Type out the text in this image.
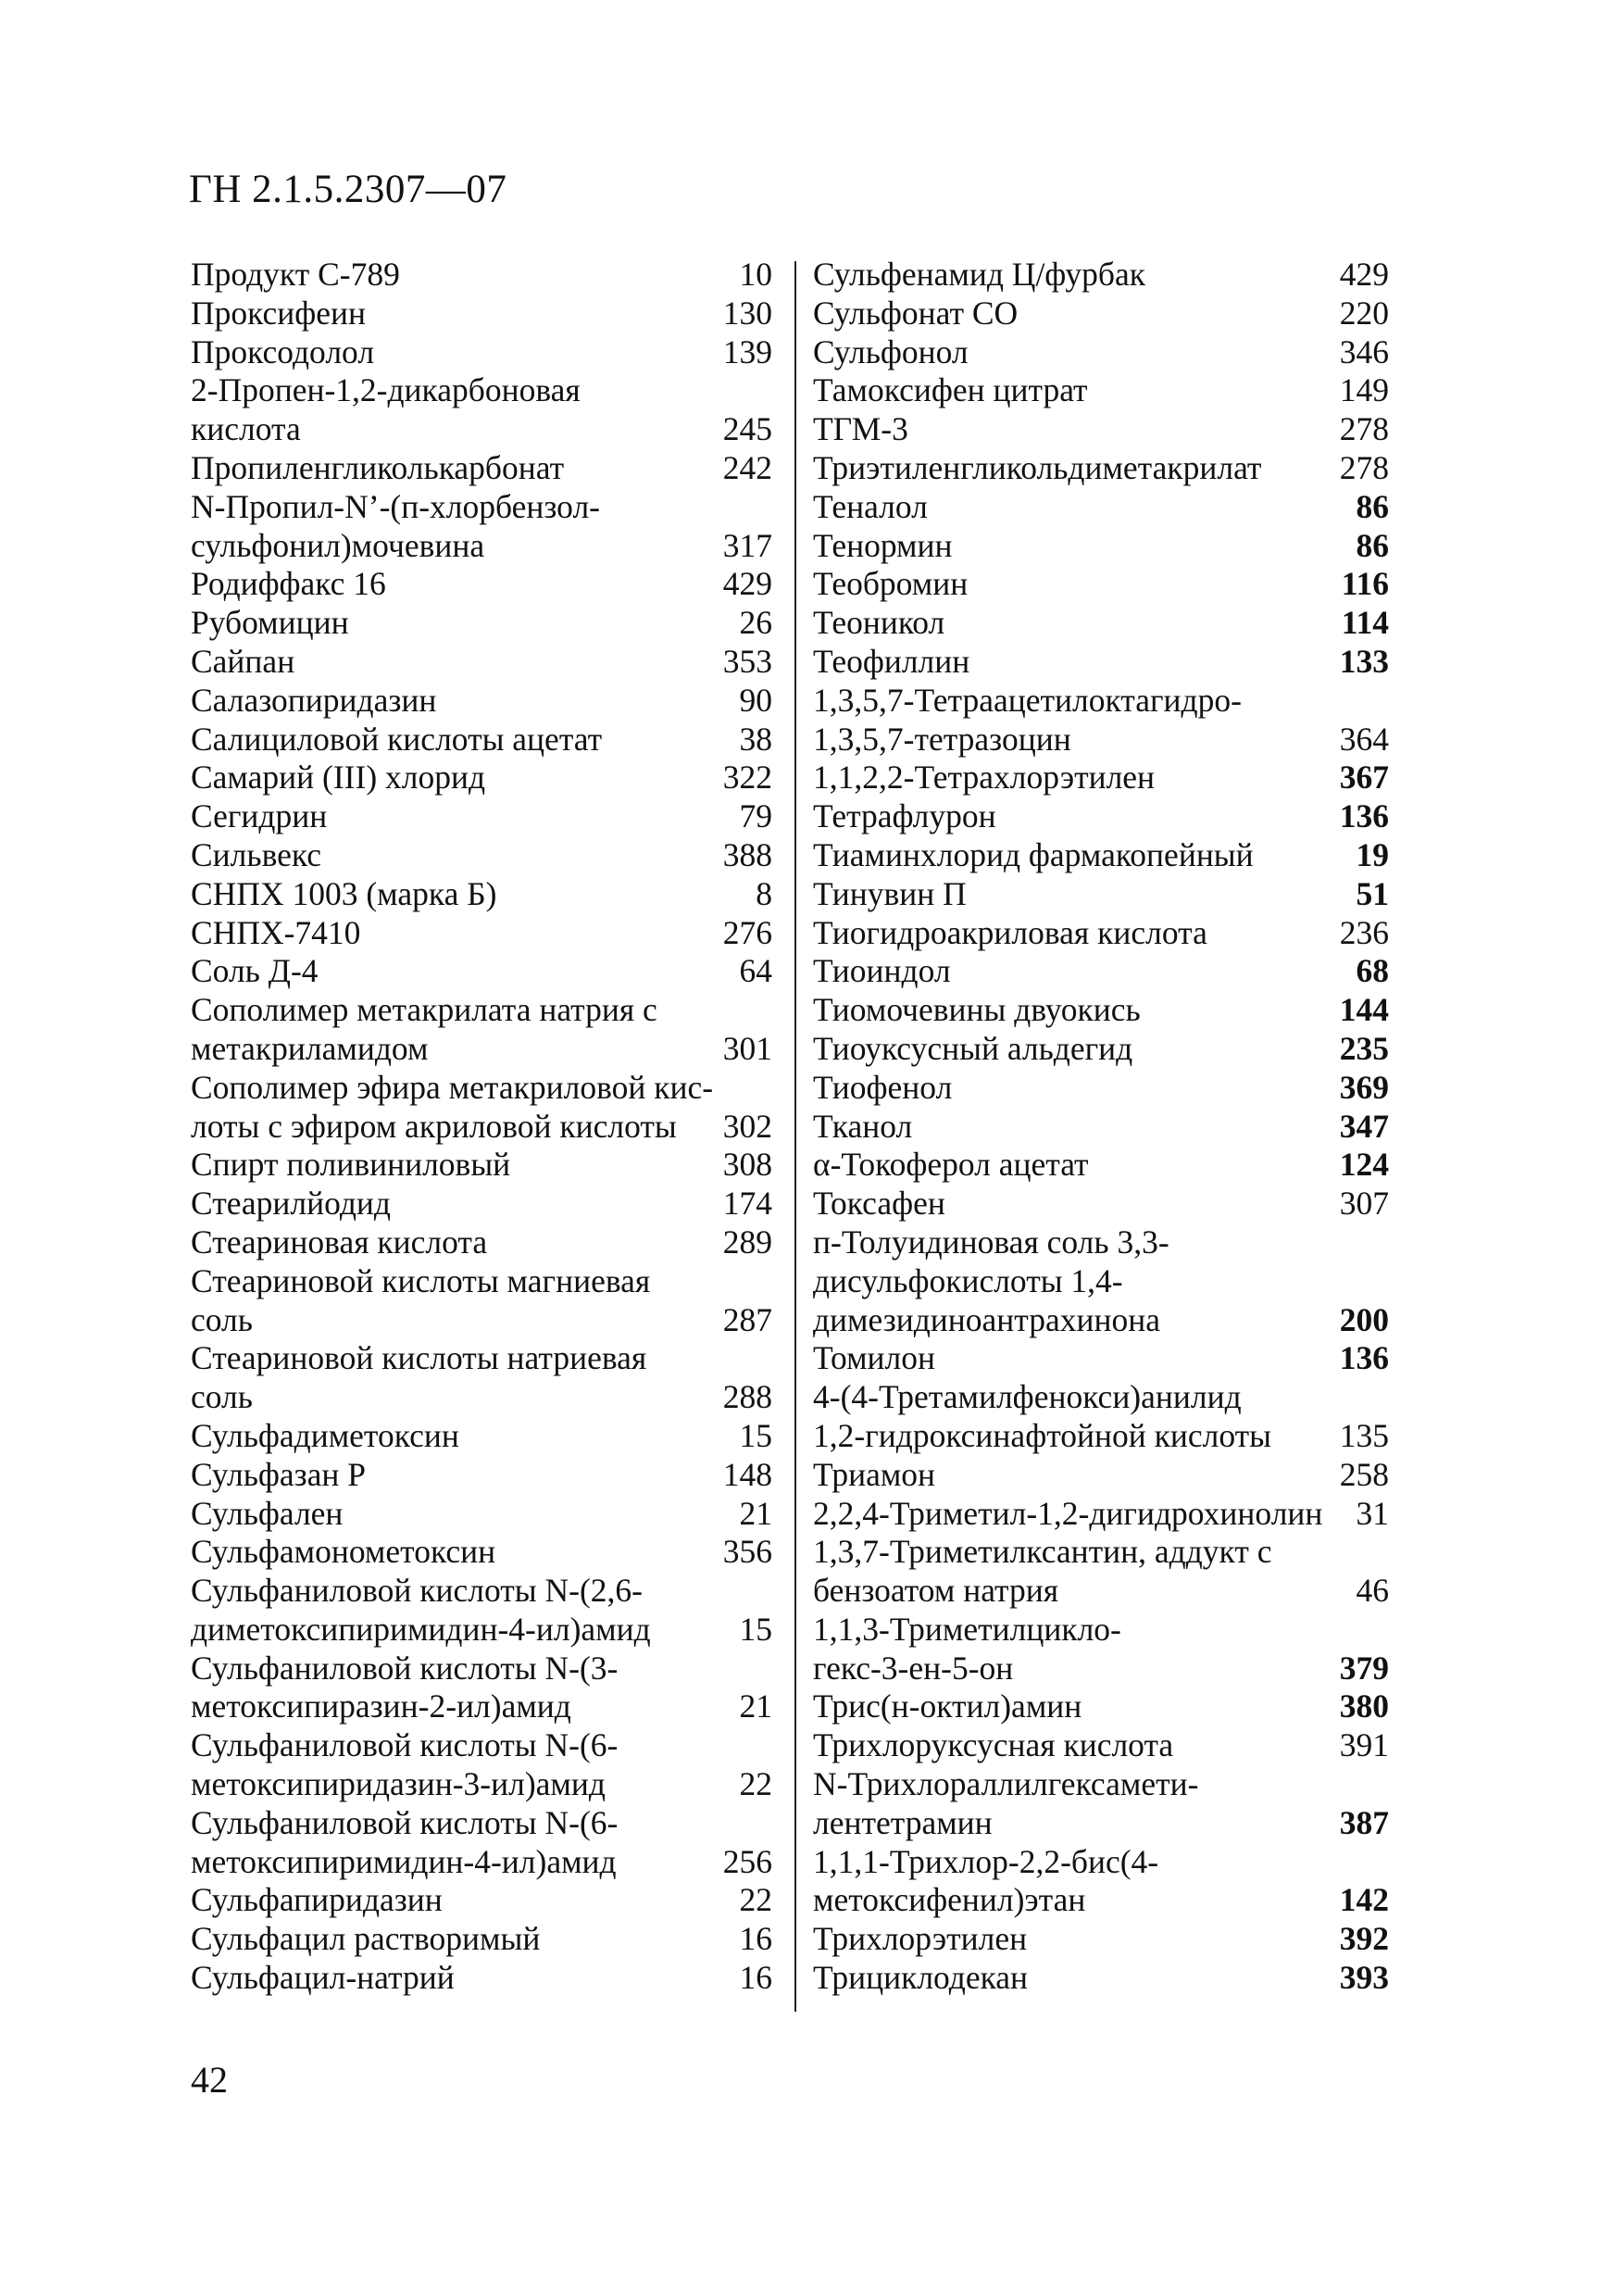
ГН 2.1.5.2307—07
Продукт С-789	10
Проксифеин	130
Проксодолол	139
2-Пропен-1,2-дикарбоновая
кислота	245
Пропиленгликолькарбонат	242
N-Пропил-N’-(п-хлорбензол-
сульфонил)мочевина	317
Родиффакс 16	429
Рубомицин	26
Сайпан	353
Салазопиридазин	90
Салициловой кислоты ацетат	38
Самарий (III) хлорид	322
Сегидрин	79
Сильвекс	388
СНПХ 1003 (марка Б)	8
СНПХ-7410	276
Соль Д-4	64
Сополимер метакрилата натрия с
метакриламидом	301
Сополимер эфира метакриловой кис-
лоты с эфиром акриловой кислоты	302
Спирт поливиниловый	308
Стеарилйодид	174
Стеариновая кислота	289
Стеариновой кислоты магниевая
соль	287
Стеариновой кислоты натриевая
соль	288
Сульфадиметоксин	15
Сульфазан Р	148
Сульфален	21
Сульфамонометоксин	356
Сульфаниловой кислоты N-(2,6-
диметоксипиримидин-4-ил)амид	15
Сульфаниловой кислоты N-(3-
метоксипиразин-2-ил)амид	21
Сульфаниловой кислоты N-(6-
метоксипиридазин-3-ил)амид	22
Сульфаниловой кислоты N-(6-
метоксипиримидин-4-ил)амид	256
Сульфапиридазин	22
Сульфацил растворимый	16
Сульфацил-натрий	16
Сульфенамид Ц/фурбак	429
Сульфонат СО	220
Сульфонол	346
Тамоксифен цитрат	149
ТГМ-3	278
Триэтиленгликольдиметакрилат	278
Теналол	86
Тенормин	86
Теобромин	116
Теоникол	114
Теофиллин	133
1,3,5,7-Тетраацетилоктагидро-
1,3,5,7-тетразоцин	364
1,1,2,2-Тетрахлорэтилен	367
Тетрафлурон	136
Тиаминхлорид фармакопейный	19
Тинувин П	51
Тиогидроакриловая кислота	236
Тиоиндол	68
Тиомочевины двуокись	144
Тиоуксусный альдегид	235
Тиофенол	369
Тканол	347
α-Токоферол ацетат	124
Токсафен	307
п-Толуидиновая соль 3,3-
дисульфокислоты 1,4-
димезидиноантрахинона	200
Томилон	136
4-(4-Третамилфенокси)анилид
1,2-гидроксинафтойной кислоты	135
Триамон	258
2,2,4-Триметил-1,2-дигидрохинолин 31
1,3,7-Триметилксантин, аддукт с
бензоатом натрия	46
1,1,3-Триметилцикло-
гекс-3-ен-5-он	379
Трис(н-октил)амин	380
Трихлоруксусная кислота	391
N-Трихлораллилгексамети-
лентетрамин	387
1,1,1-Трихлор-2,2-бис(4-
метоксифенил)этан	142
Трихлорэтилен	392
Трициклодекан	393
42
